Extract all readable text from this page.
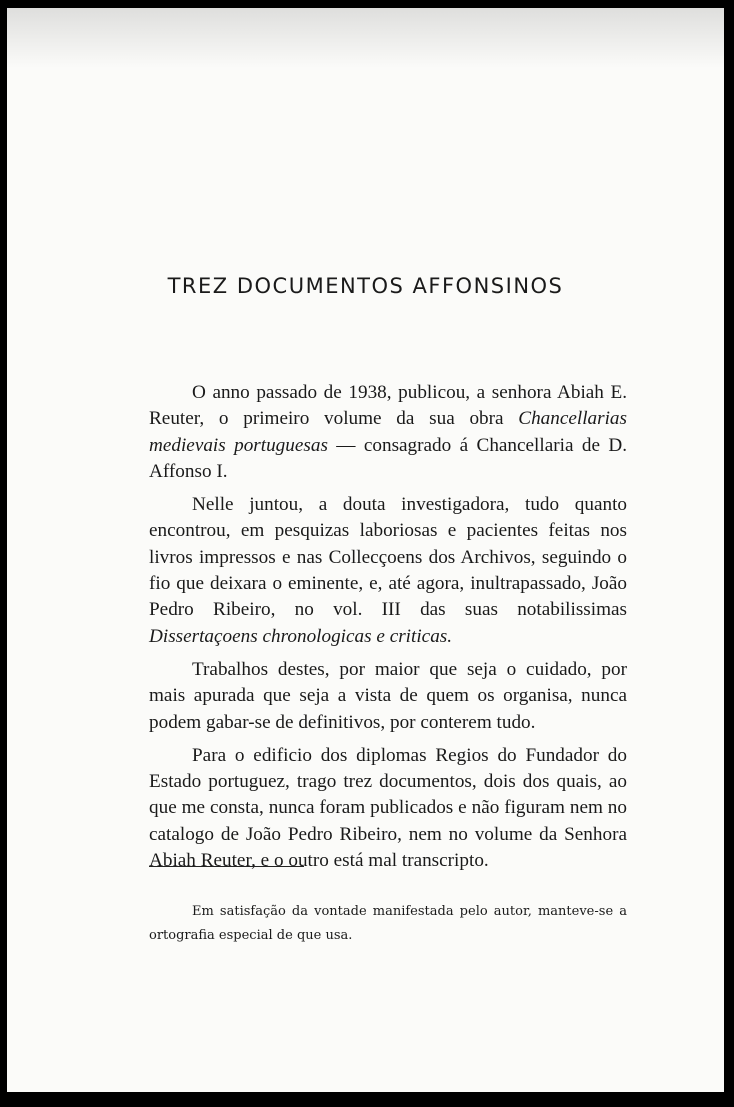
TREZ DOCUMENTOS AFFONSINOS

O anno passado de 1938, publicou, a senhora Abiah E. Reuter, o primeiro volume da sua obra Chancellarias medievais portuguesas — consagrado á Chancellaria de D. Affonso I.

Nelle juntou, a douta investigadora, tudo quanto encontrou, em pesquizas laboriosas e pacientes feitas nos livros impressos e nas Collecçoens dos Archivos, seguindo o fio que deixara o eminente, e, até agora, inultrapassado, João Pedro Ribeiro, no vol. III das suas notabilissimas Dissertaçoens chronologicas e criticas.

Trabalhos destes, por maior que seja o cuidado, por mais apurada que seja a vista de quem os organisa, nunca podem gabar-se de definitivos, por conterem tudo.

Para o edificio dos diplomas Regios do Fundador do Estado portuguez, trago trez documentos, dois dos quais, ao que me consta, nunca foram publicados e não figuram nem no catalogo de João Pedro Ribeiro, nem no volume da Senhora Abiah Reuter, e o outro está mal transcripto.

Em satisfação da vontade manifestada pelo autor, manteve-se a ortografia especial de que usa.
